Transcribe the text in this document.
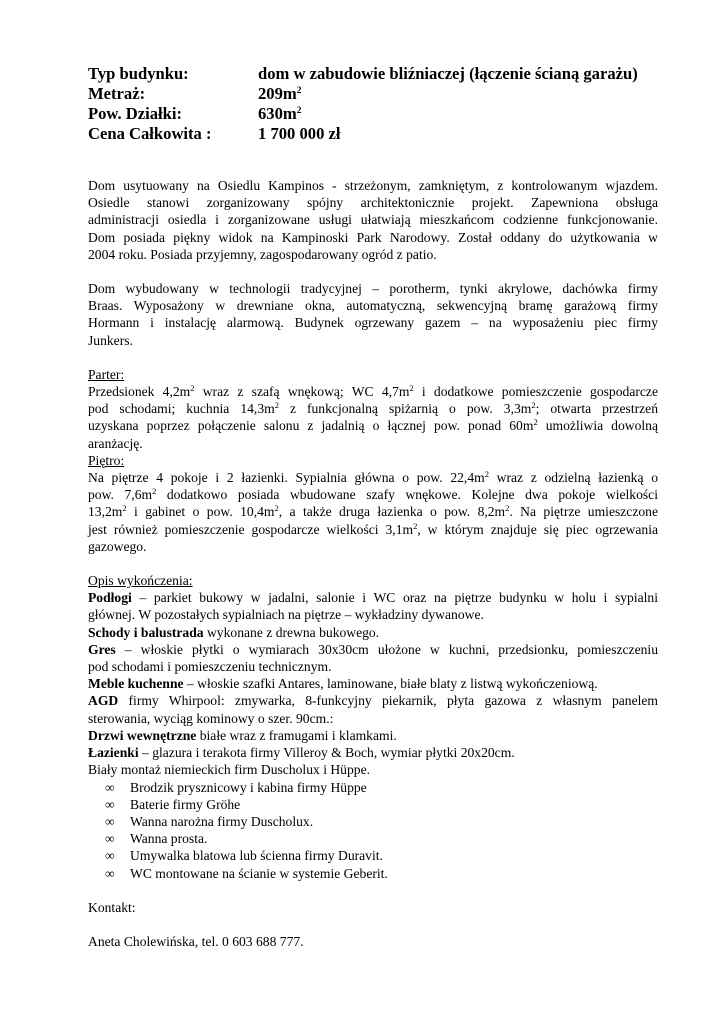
Typ budynku:	dom w zabudowie bliźniaczej (łączenie ścianą garażu)
Metraż:	$209m^2$
Pow. Działki:	$630m^2$
Cena Całkowita :	1 700 000 zł
Dom usytuowany na Osiedlu Kampinos - strzeżonym, zamkniętym, z kontrolowanym wjazdem.
Osiedle stanowi zorganizowany spójny architektonicznie projekt. Zapewniona obsługa
administracji osiedla i zorganizowane usługi ułatwiają mieszkańcom codzienne funkcjonowanie.
Dom posiada piękny widok na Kampinoski Park Narodowy. Został oddany do użytkowania w
2004 roku. Posiada przyjemny, zagospodarowany ogród z patio.
Dom wybudowany w technologii tradycyjnej – porotherm, tynki akrylowe, dachówka firmy
Braas. Wyposażony w drewniane okna, automatyczną, sekwencyjną bramę garażową firmy
Hormann i instalację alarmową. Budynek ogrzewany gazem – na wyposażeniu piec firmy
Junkers.
Parter:
Przedsionek $4,2m^2$ wraz z szafą wnękową; WC $4,7m^2$ i dodatkowe pomieszczenie gospodarcze
pod schodami; kuchnia $14,3m^2$ z funkcjonalną spiżarnią o pow. $3,3m^2$; otwarta przestrzeń
uzyskana poprzez połączenie salonu z jadalnią o łącznej pow. ponad $60m^2$ umożliwia dowolną
aranżację.
Piętro:
Na piętrze 4 pokoje i 2 łazienki. Sypialnia główna o pow. $22,4m^2$ wraz z odzielną łazienką o
pow. $7,6m^2$ dodatkowo posiada wbudowane szafy wnękowe. Kolejne dwa pokoje wielkości
$13,2m^2$ i gabinet o pow. $10,4m^2$, a także druga łazienka o pow. $8,2m^2$. Na piętrze umieszczone
jest również pomieszczenie gospodarcze wielkości $3,1m^2$, w którym znajduje się piec ogrzewania
gazowego.
Opis wykończenia:
Podłogi – parkiet bukowy w jadalni, salonie i WC oraz na piętrze budynku w holu i sypialni
głównej. W pozostałych sypialniach na piętrze – wykładziny dywanowe.
Schody i balustrada wykonane z drewna bukowego.
Gres – włoskie płytki o wymiarach 30x30cm ułożone w kuchni, przedsionku, pomieszczeniu
pod schodami i pomieszczeniu technicznym.
Meble kuchenne – włoskie szafki Antares, laminowane, białe blaty z listwą wykończeniową.
AGD firmy Whirpool: zmywarka, 8-funkcyjny piekarnik, płyta gazowa z własnym panelem
sterowania, wyciąg kominowy o szer. 90cm.:
Drzwi wewnętrzne białe wraz z framugami i klamkami.
Łazienki – glazura i terakota firmy Villeroy & Boch, wymiar płytki 20x20cm.
Biały montaż niemieckich firm Duscholux i Hüppe.
∞	Brodzik prysznicowy i kabina firmy Hüppe
∞	Baterie firmy Gröhe
∞	Wanna narożna firmy Duscholux.
∞	Wanna prosta.
∞	Umywalka blatowa lub ścienna firmy Duravit.
∞	WC montowane na ścianie w systemie Geberit.
Kontakt:
Aneta Cholewińska, tel. 0 603 688 777.
